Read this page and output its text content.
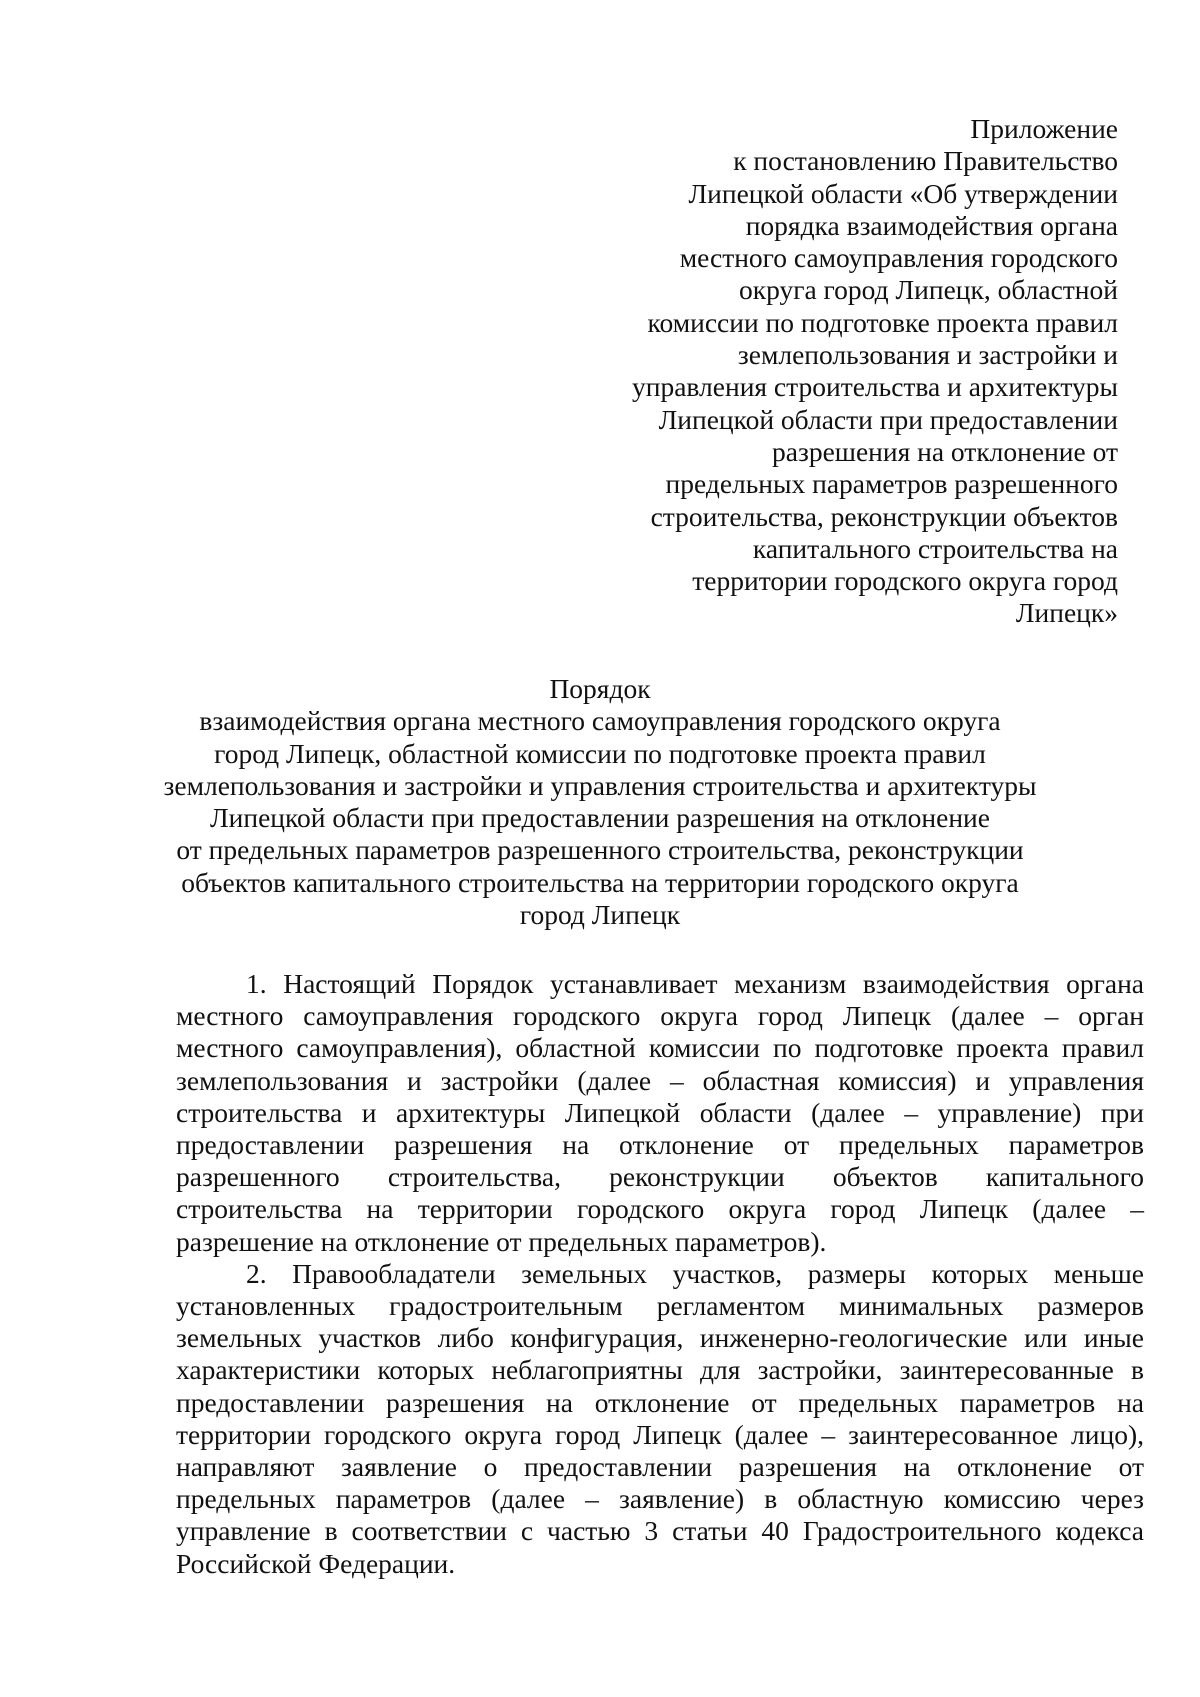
Приложение
к постановлению Правительство
Липецкой области «Об утверждении
порядка взаимодействия органа
местного самоуправления городского
округа город Липецк, областной
комиссии по подготовке проекта правил
землепользования и застройки и
управления строительства и архитектуры
Липецкой области при предоставлении
разрешения на отклонение от
предельных параметров разрешенного
строительства, реконструкции объектов
капитального строительства на
территории городского округа город
Липецк»
Порядок
взаимодействия органа местного самоуправления городского округа
город Липецк, областной комиссии по подготовке проекта правил
землепользования и застройки и управления строительства и архитектуры
Липецкой области при предоставлении разрешения на отклонение
от предельных параметров разрешенного строительства, реконструкции
объектов капитального строительства на территории городского округа
город Липецк

1. Настоящий Порядок устанавливает механизм взаимодействия органа местного самоуправления городского округа город Липецк (далее – орган местного самоуправления), областной комиссии по подготовке проекта правил землепользования и застройки (далее – областная комиссия) и управления строительства и архитектуры Липецкой области (далее – управление) при предоставлении разрешения на отклонение от предельных параметров разрешенного строительства, реконструкции объектов капитального строительства на территории городского округа город Липецк (далее – разрешение на отклонение от предельных параметров).

2. Правообладатели земельных участков, размеры которых меньше установленных градостроительным регламентом минимальных размеров земельных участков либо конфигурация, инженерно-геологические или иные характеристики которых неблагоприятны для застройки, заинтересованные в предоставлении разрешения на отклонение от предельных параметров на территории городского округа город Липецк (далее – заинтересованное лицо), направляют заявление о предоставлении разрешения на отклонение от предельных параметров (далее – заявление) в областную комиссию через управление в соответствии с частью 3 статьи 40 Градостроительного кодекса Российской Федерации.
